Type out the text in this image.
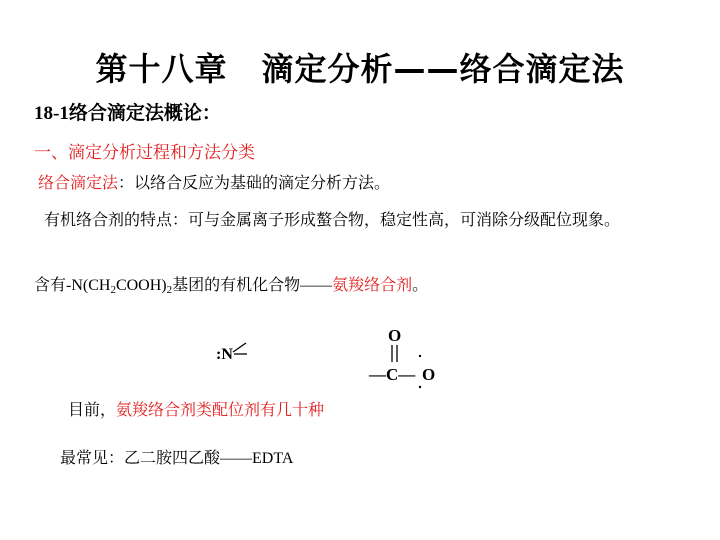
第十八章 滴定分析——络合滴定法
18-1络合滴定法概论：
一、滴定分析过程和方法分类
络合滴定法：以络合反应为基础的滴定分析方法。
有机络合剂的特点：可与金属离子形成螯合物，稳定性高，可消除分级配位现象。
含有$-N(CH_2COOH)_2$基团的有机化合物——氨羧络合剂。
:N
O
—C— O
目前，氨羧络合剂类配位剂有几十种
最常见：乙二胺四乙酸——EDTA
